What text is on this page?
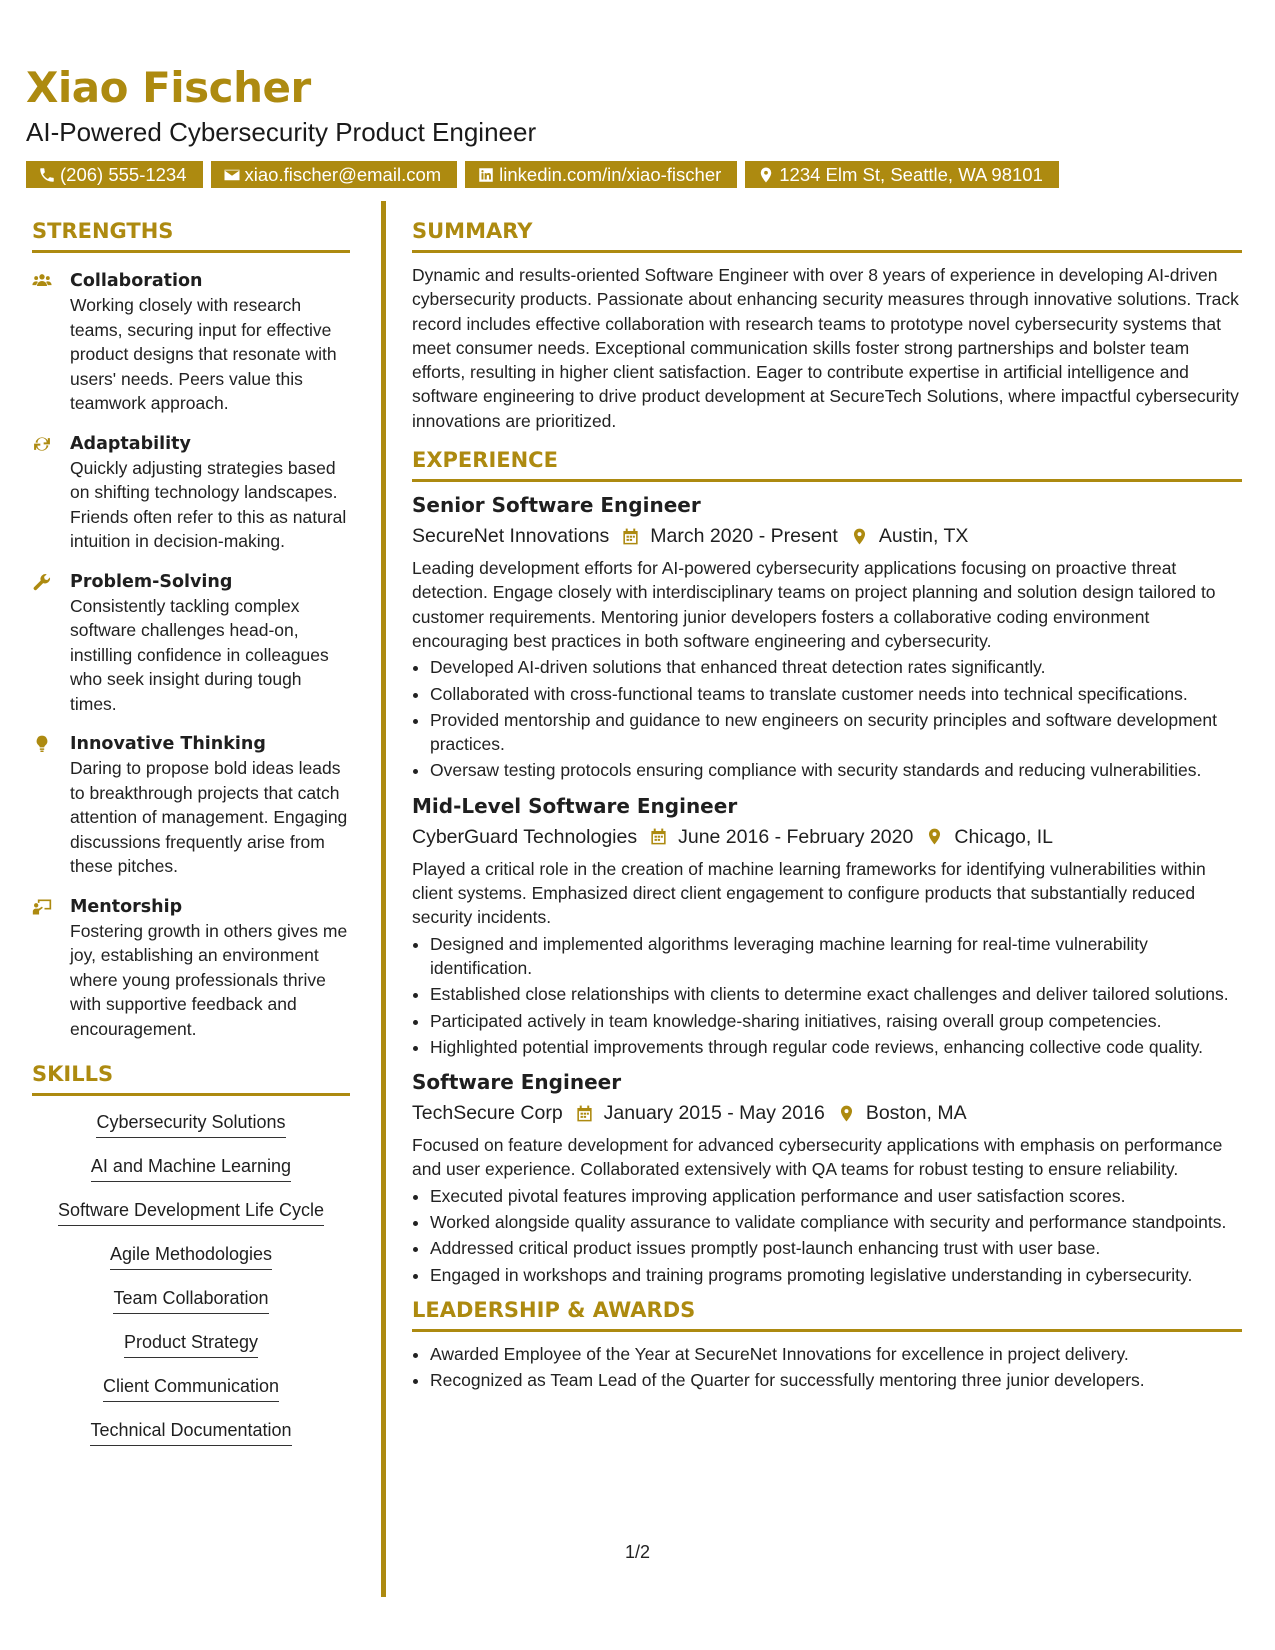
Xiao Fischer
AI-Powered Cybersecurity Product Engineer
(206) 555-1234	xiao.fischer@email.com	linkedin.com/in/xiao-fischer	1234 Elm St, Seattle, WA 98101
STRENGTHS
Collaboration
Working closely with research teams, securing input for effective product designs that resonate with users' needs. Peers value this teamwork approach.
Adaptability
Quickly adjusting strategies based on shifting technology landscapes. Friends often refer to this as natural intuition in decision-making.
Problem-Solving
Consistently tackling complex software challenges head-on, instilling confidence in colleagues who seek insight during tough times.
Innovative Thinking
Daring to propose bold ideas leads to breakthrough projects that catch attention of management. Engaging discussions frequently arise from these pitches.
Mentorship
Fostering growth in others gives me joy, establishing an environment where young professionals thrive with supportive feedback and encouragement.
SKILLS
Cybersecurity Solutions
AI and Machine Learning
Software Development Life Cycle
Agile Methodologies
Team Collaboration
Product Strategy
Client Communication
Technical Documentation
SUMMARY
Dynamic and results-oriented Software Engineer with over 8 years of experience in developing AI-driven cybersecurity products. Passionate about enhancing security measures through innovative solutions. Track record includes effective collaboration with research teams to prototype novel cybersecurity systems that meet consumer needs. Exceptional communication skills foster strong partnerships and bolster team efforts, resulting in higher client satisfaction. Eager to contribute expertise in artificial intelligence and software engineering to drive product development at SecureTech Solutions, where impactful cybersecurity innovations are prioritized.
EXPERIENCE
Senior Software Engineer
SecureNet Innovations March 2020 - Present Austin, TX
Leading development efforts for AI-powered cybersecurity applications focusing on proactive threat detection. Engage closely with interdisciplinary teams on project planning and solution design tailored to customer requirements. Mentoring junior developers fosters a collaborative coding environment encouraging best practices in both software engineering and cybersecurity.
• Developed AI-driven solutions that enhanced threat detection rates significantly.
• Collaborated with cross-functional teams to translate customer needs into technical specifications.
• Provided mentorship and guidance to new engineers on security principles and software development practices.
• Oversaw testing protocols ensuring compliance with security standards and reducing vulnerabilities.
Mid-Level Software Engineer
CyberGuard Technologies June 2016 - February 2020 Chicago, IL
Played a critical role in the creation of machine learning frameworks for identifying vulnerabilities within client systems. Emphasized direct client engagement to configure products that substantially reduced security incidents.
• Designed and implemented algorithms leveraging machine learning for real-time vulnerability identification.
• Established close relationships with clients to determine exact challenges and deliver tailored solutions.
• Participated actively in team knowledge-sharing initiatives, raising overall group competencies.
• Highlighted potential improvements through regular code reviews, enhancing collective code quality.
Software Engineer
TechSecure Corp January 2015 - May 2016 Boston, MA
Focused on feature development for advanced cybersecurity applications with emphasis on performance and user experience. Collaborated extensively with QA teams for robust testing to ensure reliability.
• Executed pivotal features improving application performance and user satisfaction scores.
• Worked alongside quality assurance to validate compliance with security and performance standpoints.
• Addressed critical product issues promptly post-launch enhancing trust with user base.
• Engaged in workshops and training programs promoting legislative understanding in cybersecurity.
LEADERSHIP & AWARDS
• Awarded Employee of the Year at SecureNet Innovations for excellence in project delivery.
• Recognized as Team Lead of the Quarter for successfully mentoring three junior developers.
1/2
